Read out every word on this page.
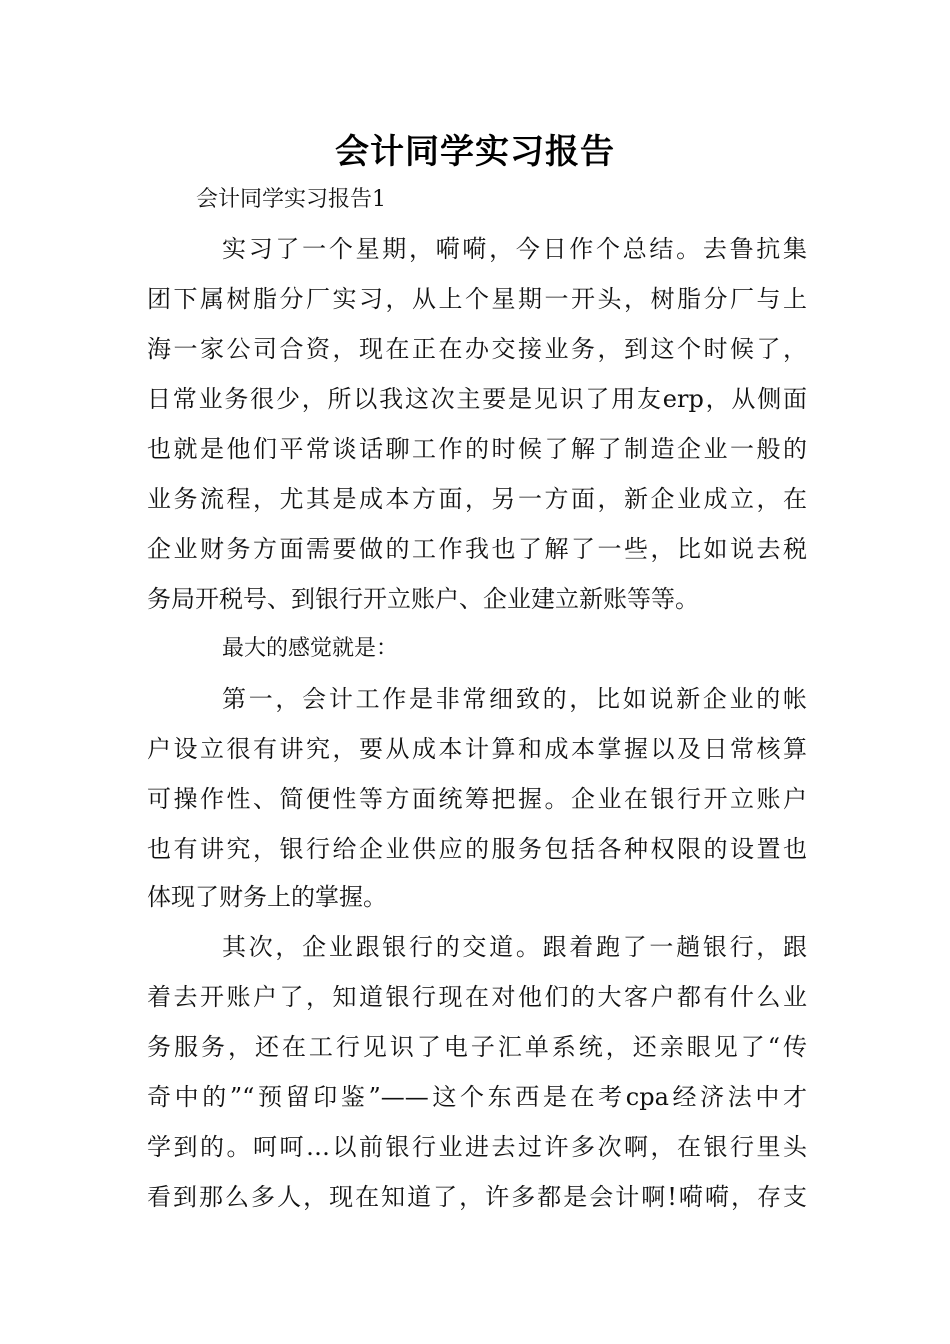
会计同学实习报告
会计同学实习报告1
实习了一个星期，嗬嗬，今日作个总结。去鲁抗集
团下属树脂分厂实习，从上个星期一开头，树脂分厂与上
海一家公司合资，现在正在办交接业务，到这个时候了，
日常业务很少，所以我这次主要是见识了用友erp，从侧面
也就是他们平常谈话聊工作的时候了解了制造企业一般的
业务流程，尤其是成本方面，另一方面，新企业成立，在
企业财务方面需要做的工作我也了解了一些，比如说去税
务局开税号、到银行开立账户、企业建立新账等等。
最大的感觉就是：
第一，会计工作是非常细致的，比如说新企业的帐
户设立很有讲究，要从成本计算和成本掌握以及日常核算
可操作性、简便性等方面统筹把握。企业在银行开立账户
也有讲究，银行给企业供应的服务包括各种权限的设置也
体现了财务上的掌握。
其次，企业跟银行的交道。跟着跑了一趟银行，跟
着去开账户了，知道银行现在对他们的大客户都有什么业
务服务，还在工行见识了电子汇单系统，还亲眼见了“传
奇中的”“预留印鉴”——这个东西是在考cpa经济法中才
学到的。呵呵…以前银行业进去过许多次啊，在银行里头
看到那么多人，现在知道了，许多都是会计啊!嗬嗬，存支
